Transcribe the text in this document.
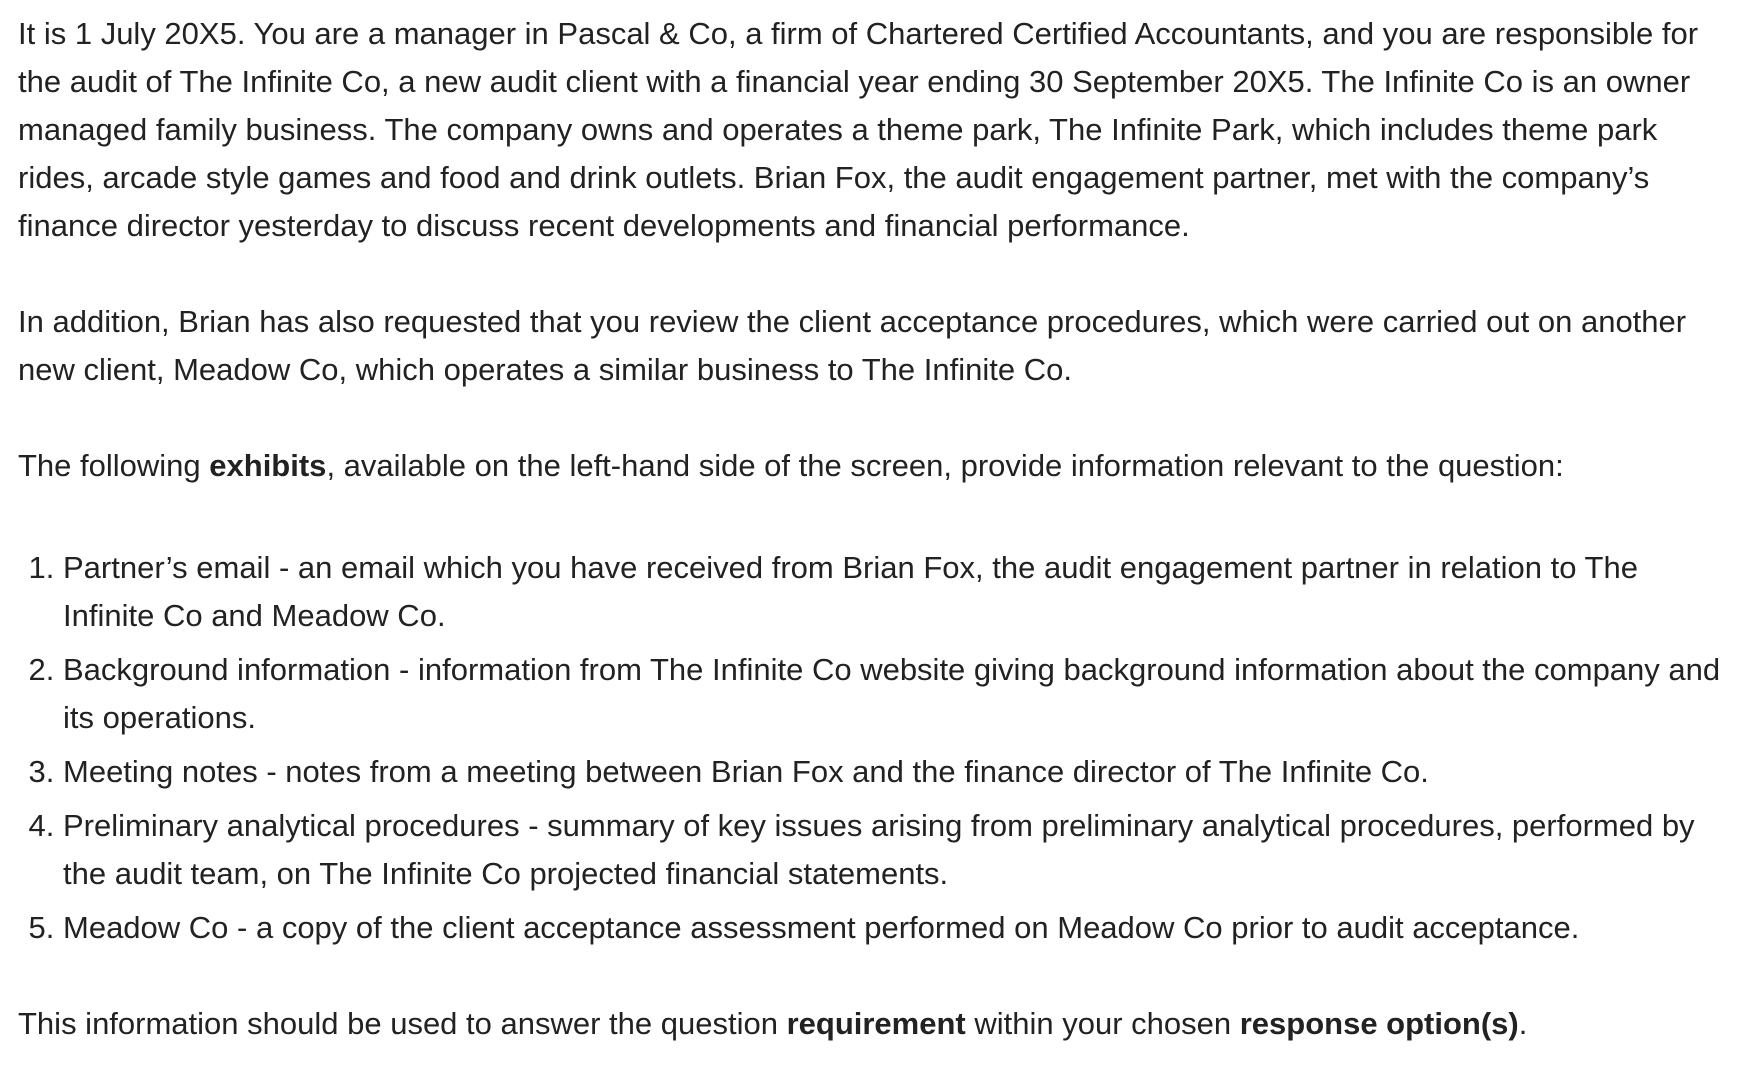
It is 1 July 20X5. You are a manager in Pascal & Co, a firm of Chartered Certified Accountants, and you are responsible for the audit of The Infinite Co, a new audit client with a financial year ending 30 September 20X5. The Infinite Co is an owner managed family business. The company owns and operates a theme park, The Infinite Park, which includes theme park rides, arcade style games and food and drink outlets. Brian Fox, the audit engagement partner, met with the company’s finance director yesterday to discuss recent developments and financial performance.

In addition, Brian has also requested that you review the client acceptance procedures, which were carried out on another new client, Meadow Co, which operates a similar business to The Infinite Co.

The following exhibits, available on the left-hand side of the screen, provide information relevant to the question:

1. Partner’s email - an email which you have received from Brian Fox, the audit engagement partner in relation to The Infinite Co and Meadow Co.
2. Background information - information from The Infinite Co website giving background information about the company and its operations.
3. Meeting notes - notes from a meeting between Brian Fox and the finance director of The Infinite Co.
4. Preliminary analytical procedures - summary of key issues arising from preliminary analytical procedures, performed by the audit team, on The Infinite Co projected financial statements.
5. Meadow Co - a copy of the client acceptance assessment performed on Meadow Co prior to audit acceptance.

This information should be used to answer the question requirement within your chosen response option(s).
